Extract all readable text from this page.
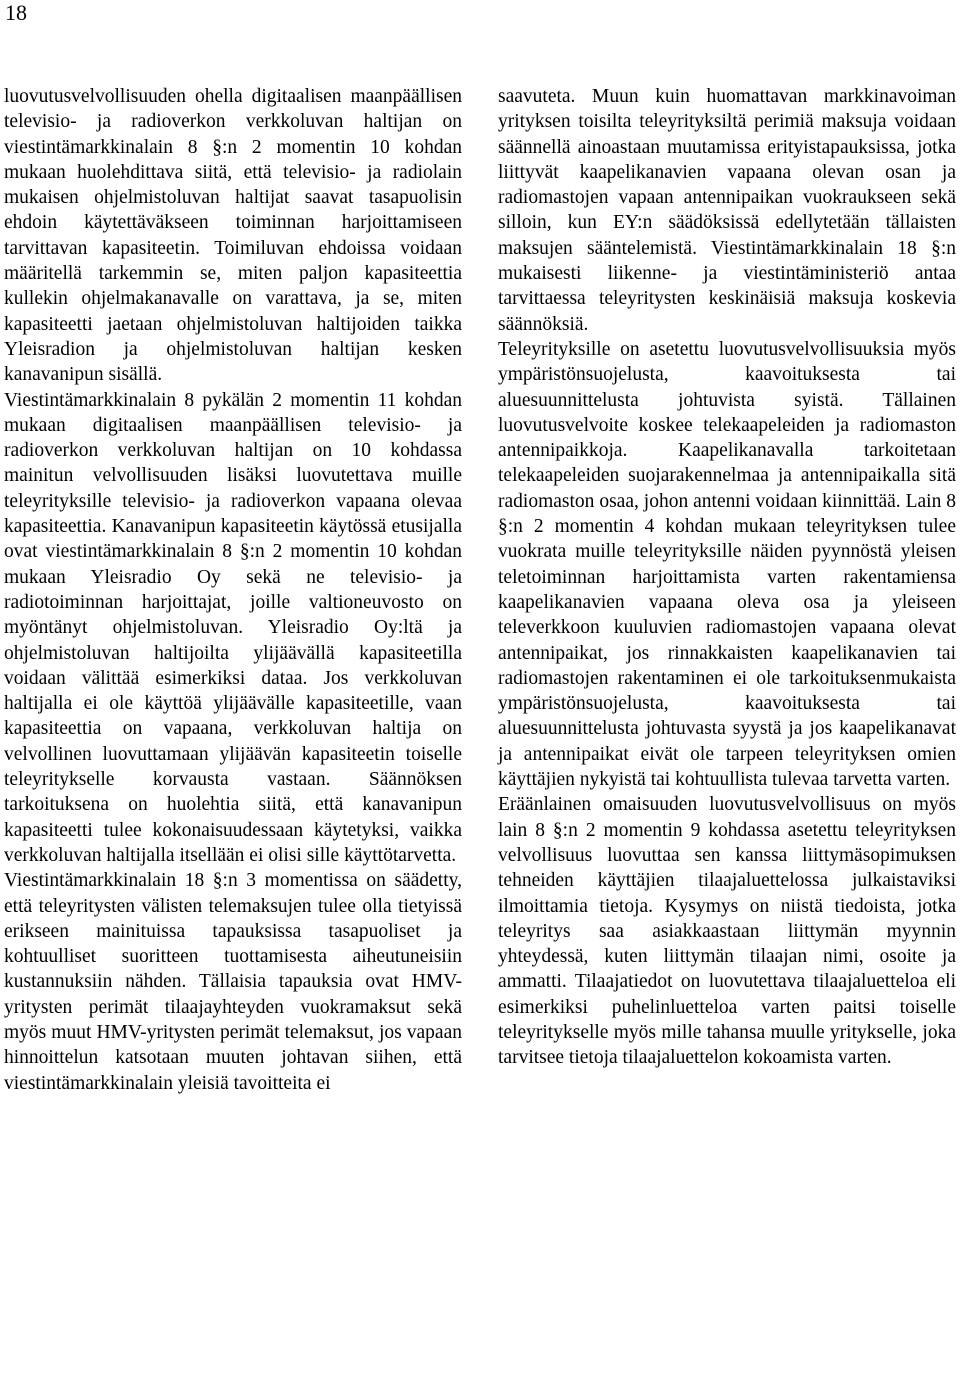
18

luovutusvelvollisuuden ohella digitaalisen maanpäällisen televisio- ja radioverkon verkkoluvan haltijan on viestintämarkkinalain 8 §:n 2 momentin 10 kohdan mukaan huolehdittava siitä, että televisio- ja radiolain mukaisen ohjelmistoluvan haltijat saavat tasapuolisin ehdoin käytettäväkseen toiminnan harjoittamiseen tarvittavan kapasiteetin. Toimiluvan ehdoissa voidaan määritellä tarkemmin se, miten paljon kapasiteettia kullekin ohjelmakanavalle on varattava, ja se, miten kapasiteetti jaetaan ohjelmistoluvan haltijoiden taikka Yleisradion ja ohjelmistoluvan haltijan kesken kanavanipun sisällä.

Viestintämarkkinalain 8 pykälän 2 momentin 11 kohdan mukaan digitaalisen maanpäällisen televisio- ja radioverkon verkkoluvan haltijan on 10 kohdassa mainitun velvollisuuden lisäksi luovutettava muille teleyrityksille televisio- ja radioverkon vapaana olevaa kapasiteettia. Kanavanipun kapasiteetin käytössä etusijalla ovat viestintämarkkinalain 8 §:n 2 momentin 10 kohdan mukaan Yleisradio Oy sekä ne televisio- ja radiotoiminnan harjoittajat, joille valtioneuvosto on myöntänyt ohjelmistoluvan. Yleisradio Oy:ltä ja ohjelmistoluvan haltijoilta ylijäävällä kapasiteetilla voidaan välittää esimerkiksi dataa. Jos verkkoluvan haltijalla ei ole käyttöä ylijäävälle kapasiteetille, vaan kapasiteettia on vapaana, verkkoluvan haltija on velvollinen luovuttamaan ylijäävän kapasiteetin toiselle teleyritykselle korvausta vastaan. Säännöksen tarkoituksena on huolehtia siitä, että kanavanipun kapasiteetti tulee kokonaisuudessaan käytetyksi, vaikka verkkoluvan haltijalla itsellään ei olisi sille käyttötarvetta.

Viestintämarkkinalain 18 §:n 3 momentissa on säädetty, että teleyritysten välisten telemaksujen tulee olla tietyissä erikseen mainituissa tapauksissa tasapuoliset ja kohtuulliset suoritteen tuottamisesta aiheutuneisiin kustannuksiin nähden. Tällaisia tapauksia ovat HMV-yritysten perimät tilaajayhteyden vuokramaksut sekä myös muut HMV-yritysten perimät telemaksut, jos vapaan hinnoittelun katsotaan muuten johtavan siihen, että viestintämarkkinalain yleisiä tavoitteita ei

saavuteta. Muun kuin huomattavan markkinavoiman yrityksen toisilta teleyrityksiltä perimiä maksuja voidaan säännellä ainoastaan muutamissa erityistapauksissa, jotka liittyvät kaapelikanavien vapaana olevan osan ja radiomastojen vapaan antennipaikan vuokraukseen sekä silloin, kun EY:n säädöksissä edellytetään tällaisten maksujen sääntelemistä. Viestintämarkkinalain 18 §:n mukaisesti liikenne- ja viestintäministeriö antaa tarvittaessa teleyritysten keskinäisiä maksuja koskevia säännöksiä.

Teleyrityksille on asetettu luovutusvelvollisuuksia myös ympäristönsuojelusta, kaavoituksesta tai aluesuunnittelusta johtuvista syistä. Tällainen luovutusvelvoite koskee telekaapeleiden ja radiomaston antennipaikkoja. Kaapelikanavalla tarkoitetaan telekaapeleiden suojarakennelmaa ja antennipaikalla sitä radiomaston osaa, johon antenni voidaan kiinnittää. Lain 8 §:n 2 momentin 4 kohdan mukaan teleyrityksen tulee vuokrata muille teleyrityksille näiden pyynnöstä yleisen teletoiminnan harjoittamista varten rakentamiensa kaapelikanavien vapaana oleva osa ja yleiseen televerkkoon kuuluvien radiomastojen vapaana olevat antennipaikat, jos rinnakkaisten kaapelikanavien tai radiomastojen rakentaminen ei ole tarkoituksenmukaista ympäristönsuojelusta, kaavoituksesta tai aluesuunnittelusta johtuvasta syystä ja jos kaapelikanavat ja antennipaikat eivät ole tarpeen teleyrityksen omien käyttäjien nykyistä tai kohtuullista tulevaa tarvetta varten.

Eräänlainen omaisuuden luovutusvelvollisuus on myös lain 8 §:n 2 momentin 9 kohdassa asetettu teleyrityksen velvollisuus luovuttaa sen kanssa liittymäsopimuksen tehneiden käyttäjien tilaajaluettelossa julkaistaviksi ilmoittamia tietoja. Kysymys on niistä tiedoista, jotka teleyritys saa asiakkaastaan liittymän myynnin yhteydessä, kuten liittymän tilaajan nimi, osoite ja ammatti. Tilaajatiedot on luovutettava tilaajaluetteloa eli esimerkiksi puhelinluetteloa varten paitsi toiselle teleyritykselle myös mille tahansa muulle yritykselle, joka tarvitsee tietoja tilaajaluettelon kokoamista varten.
